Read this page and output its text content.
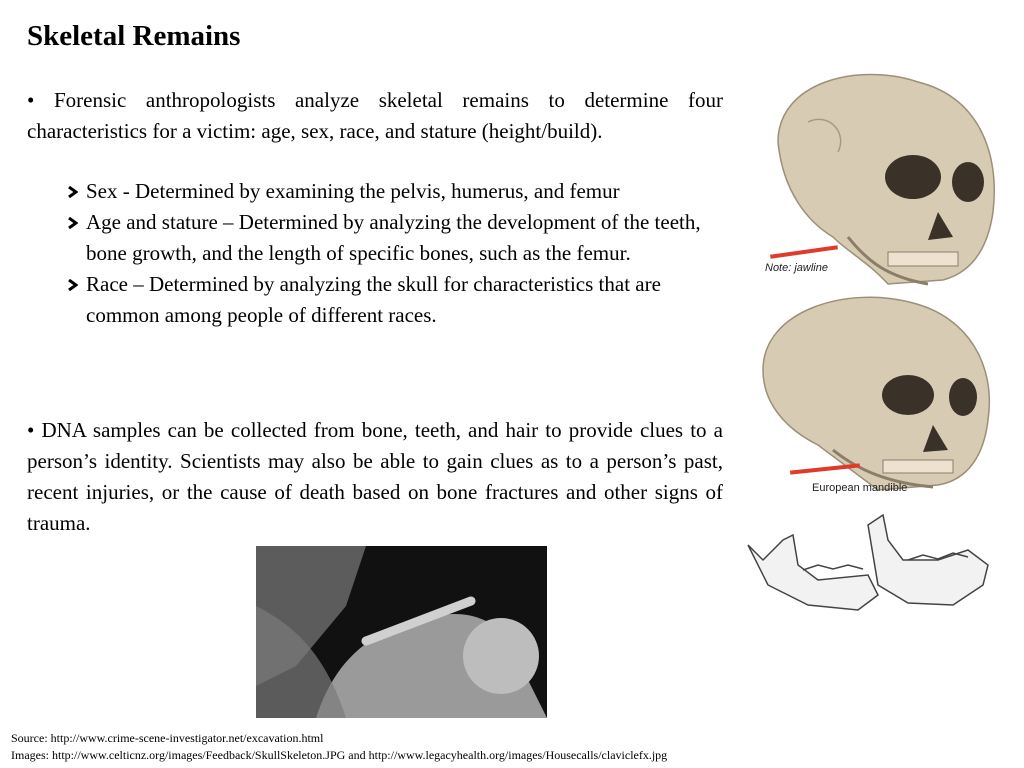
Skeletal Remains

• Forensic anthropologists analyze skeletal remains to determine four characteristics for a victim: age, sex, race, and stature (height/build).

Sex - Determined by examining the pelvis, humerus, and femur
Age and stature – Determined by analyzing the development of the teeth, bone growth, and the length of specific bones, such as the femur.
Race – Determined by analyzing the skull for characteristics that are common among people of different races.

• DNA samples can be collected from bone, teeth, and hair to provide clues to a person’s identity. Scientists may also be able to gain clues as to a person’s past, recent injuries, or the cause of death based on bone fractures and other signs of trauma.

Note: jawline
European mandible
Source: http://www.crime-scene-investigator.net/excavation.html
Images: http://www.celticnz.org/images/Feedback/SkullSkeleton.JPG and http://www.legacyhealth.org/images/Housecalls/claviclefx.jpg
